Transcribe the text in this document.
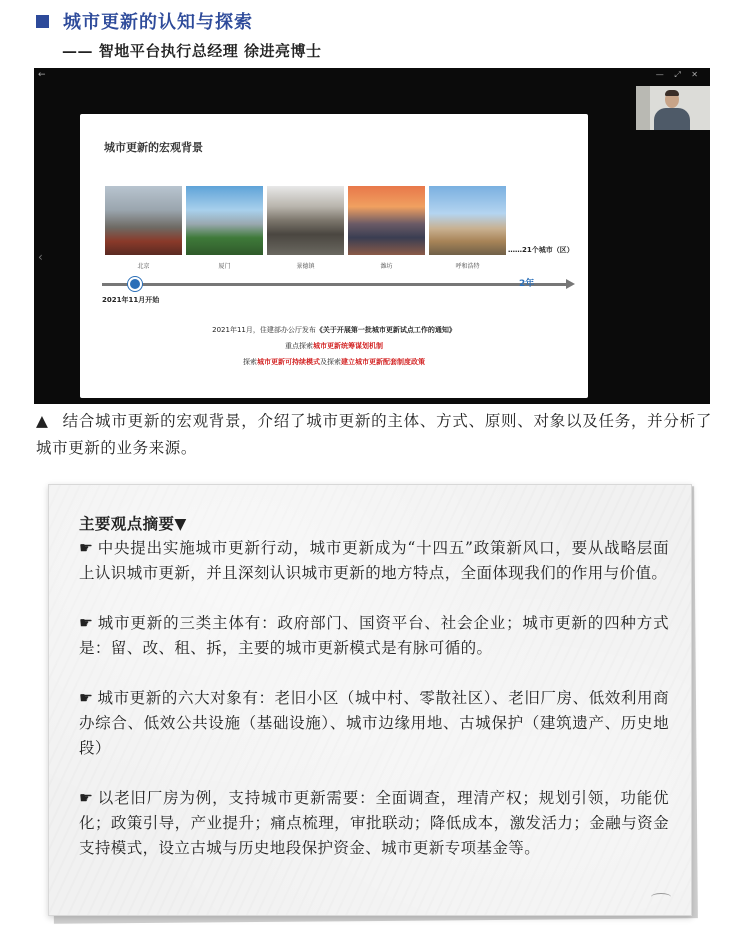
城市更新的认知与探索
—— 智地平台执行总经理 徐进亮博士
←	— ⤢ ✕
‹
城市更新的宏观背景
北京	厦门	景德镇	潍坊	呼和浩特
……21个城市（区）
2年
2021年11月开始
2021年11月，住建部办公厅发布《关于开展第一批城市更新试点工作的通知》
重点探索城市更新统筹谋划机制
探索城市更新可持续模式及探索建立城市更新配套制度政策
▲ 结合城市更新的宏观背景，介绍了城市更新的主体、方式、原则、对象以及任务，并分析了城市更新的业务来源。
主要观点摘要▼
☛ 中央提出实施城市更新行动，城市更新成为“十四五”政策新风口，要从战略层面上认识城市更新，并且深刻认识城市更新的地方特点，全面体现我们的作用与价值。
☛ 城市更新的三类主体有：政府部门、国资平台、社会企业；城市更新的四种方式是：留、改、租、拆，主要的城市更新模式是有脉可循的。
☛ 城市更新的六大对象有：老旧小区（城中村、零散社区）、老旧厂房、低效利用商办综合、低效公共设施（基础设施）、城市边缘用地、古城保护（建筑遗产、历史地段）
☛ 以老旧厂房为例，支持城市更新需要：全面调查，理清产权；规划引领，功能优化；政策引导，产业提升；痛点梳理，审批联动；降低成本，激发活力；金融与资金支持模式，设立古城与历史地段保护资金、城市更新专项基金等。
